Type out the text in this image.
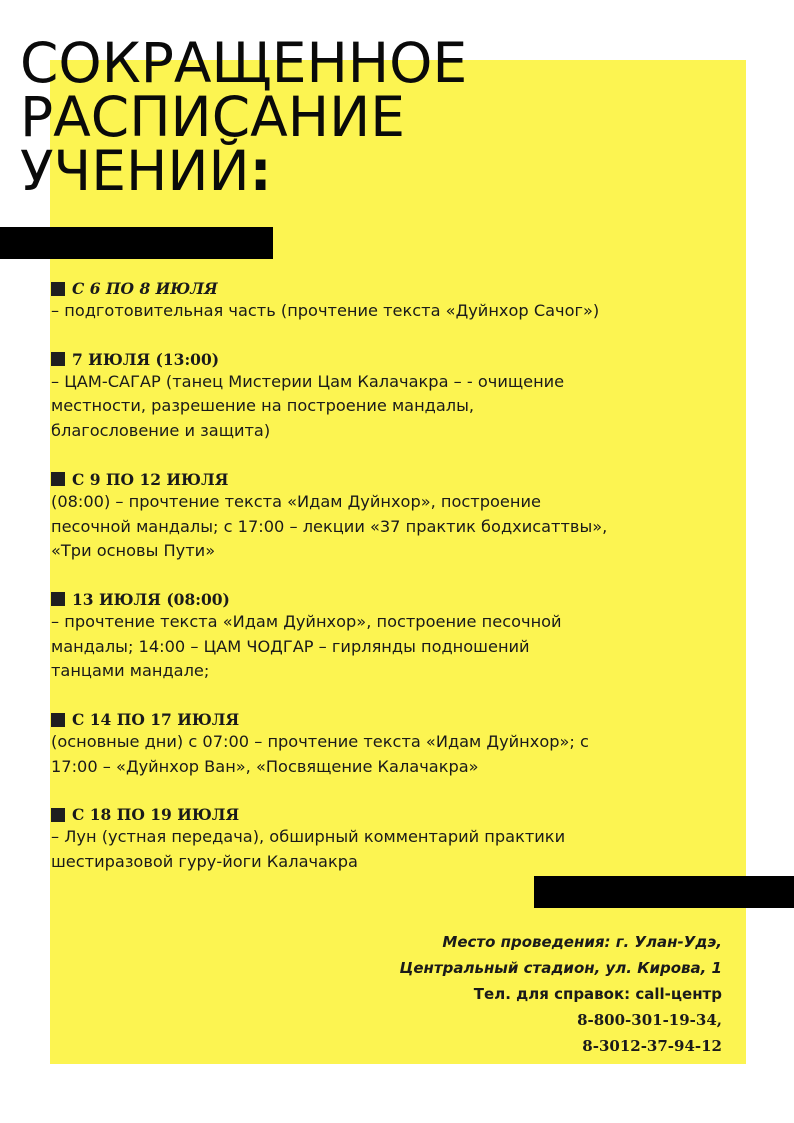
СОКРАЩЕННОЕ
РАСПИСАНИЕ
УЧЕНИЙ:
С 6 ПО 8 ИЮЛЯ
– подготовительная часть (прочтение текста «Дуйнхор Сачог»)
7 ИЮЛЯ (13:00)
– ЦАМ-САГАР (танец Мистерии Цам Калачакра – - очищение
местности, разрешение на построение мандалы,
благословение и защита)
С 9 ПО 12 ИЮЛЯ
(08:00) – прочтение текста «Идам Дуйнхор», построение
песочной мандалы; с 17:00 – лекции «37 практик бодхисаттвы»,
«Три основы Пути»
13 ИЮЛЯ (08:00)
– прочтение текста «Идам Дуйнхор», построение песочной
мандалы; 14:00 – ЦАМ ЧОДГАР – гирлянды подношений
танцами мандале;
С 14 ПО 17 ИЮЛЯ
(основные дни) с 07:00 – прочтение текста «Идам Дуйнхор»; с
17:00 – «Дуйнхор Ван», «Посвящение Калачакра»
С 18 ПО 19 ИЮЛЯ
– Лун (устная передача), обширный комментарий практики
шестиразовой гуру-йоги Калачакра
Место проведения: г. Улан-Удэ,
Центральный стадион, ул. Кирова, 1
Тел. для справок: call-центр
8-800-301-19-34,
8-3012-37-94-12
